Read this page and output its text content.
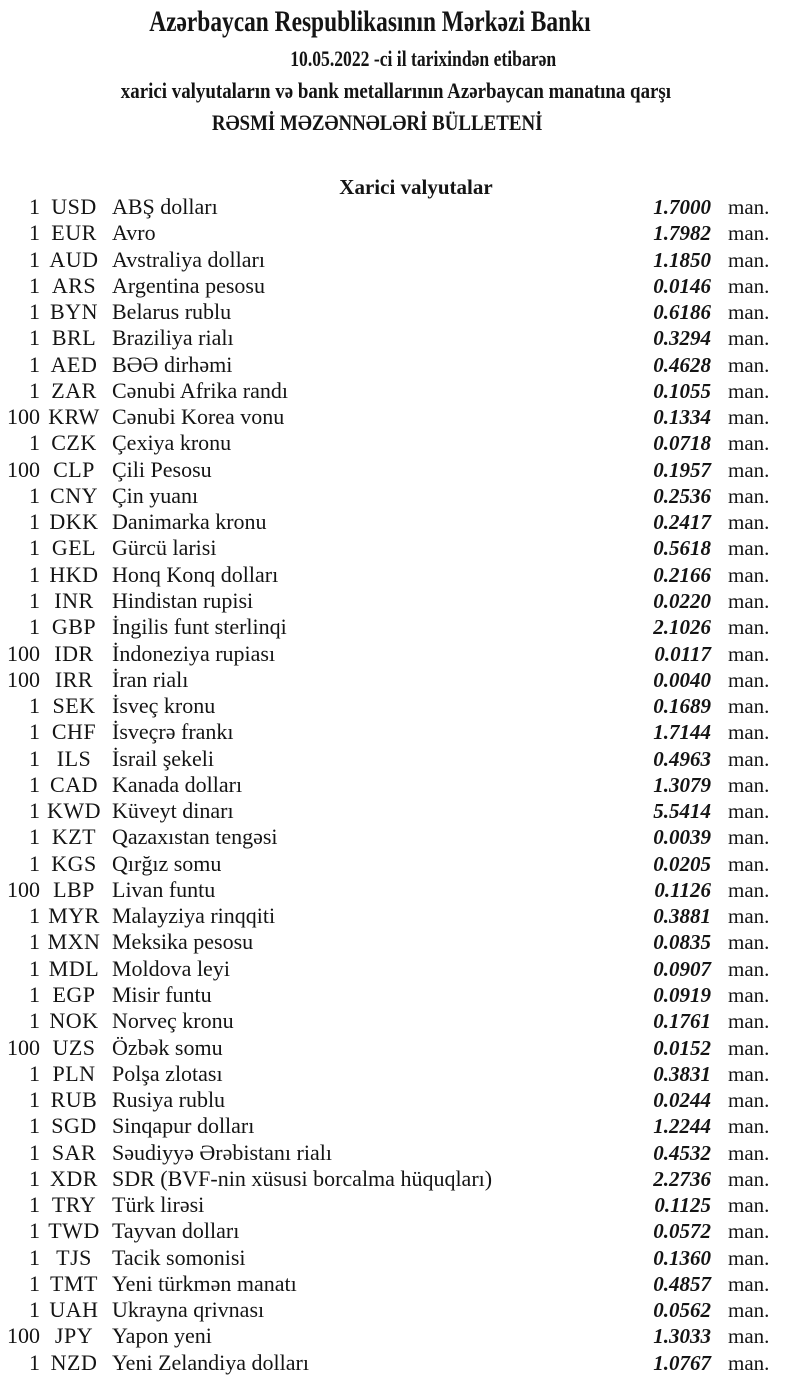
Azərbaycan Respublikasının Mərkəzi Bankı
10.05.2022 -ci il tarixindən etibarən
xarici valyutaların və bank metallarının Azərbaycan manatına qarşı
RƏSMİ MƏZƏNNƏLƏRİ BÜLLETENİ
Xarici valyutalar
1 USD ABŞ dolları	1.7000 man.
1 EUR Avro	1.7982 man.
1 AUD Avstraliya dolları	1.1850 man.
1 ARS Argentina pesosu	0.0146 man.
1 BYN Belarus rublu	0.6186 man.
1 BRL Braziliya rialı	0.3294 man.
1 AED BƏƏ dirhəmi	0.4628 man.
1 ZAR Cənubi Afrika randı	0.1055 man.
100 KRW Cənubi Korea vonu	0.1334 man.
1 CZK Çexiya kronu	0.0718 man.
100 CLP Çili Pesosu	0.1957 man.
1 CNY Çin yuanı	0.2536 man.
1 DKK Danimarka kronu	0.2417 man.
1 GEL Gürcü larisi	0.5618 man.
1 HKD Honq Konq dolları	0.2166 man.
1 INR Hindistan rupisi	0.0220 man.
1 GBP İngilis funt sterlinqi	2.1026 man.
100 IDR İndoneziya rupiası	0.0117 man.
100 IRR İran rialı	0.0040 man.
1 SEK İsveç kronu	0.1689 man.
1 CHF İsveçrə frankı	1.7144 man.
1 ILS İsrail şekeli	0.4963 man.
1 CAD Kanada dolları	1.3079 man.
1 KWD Küveyt dinarı	5.5414 man.
1 KZT Qazaxıstan tengəsi	0.0039 man.
1 KGS Qırğız somu	0.0205 man.
100 LBP Livan funtu	0.1126 man.
1 MYR Malayziya rinqqiti	0.3881 man.
1 MXN Meksika pesosu	0.0835 man.
1 MDL Moldova leyi	0.0907 man.
1 EGP Misir funtu	0.0919 man.
1 NOK Norveç kronu	0.1761 man.
100 UZS Özbək somu	0.0152 man.
1 PLN Polşa zlotası	0.3831 man.
1 RUB Rusiya rublu	0.0244 man.
1 SGD Sinqapur dolları	1.2244 man.
1 SAR Səudiyyə Ərəbistanı rialı	0.4532 man.
1 XDR SDR (BVF-nin xüsusi borcalma hüquqları)	2.2736 man.
1 TRY Türk lirəsi	0.1125 man.
1 TWD Tayvan dolları	0.0572 man.
1 TJS Tacik somonisi	0.1360 man.
1 TMT Yeni türkmən manatı	0.4857 man.
1 UAH Ukrayna qrivnası	0.0562 man.
100 JPY Yapon yeni	1.3033 man.
1 NZD Yeni Zelandiya dolları	1.0767 man.
